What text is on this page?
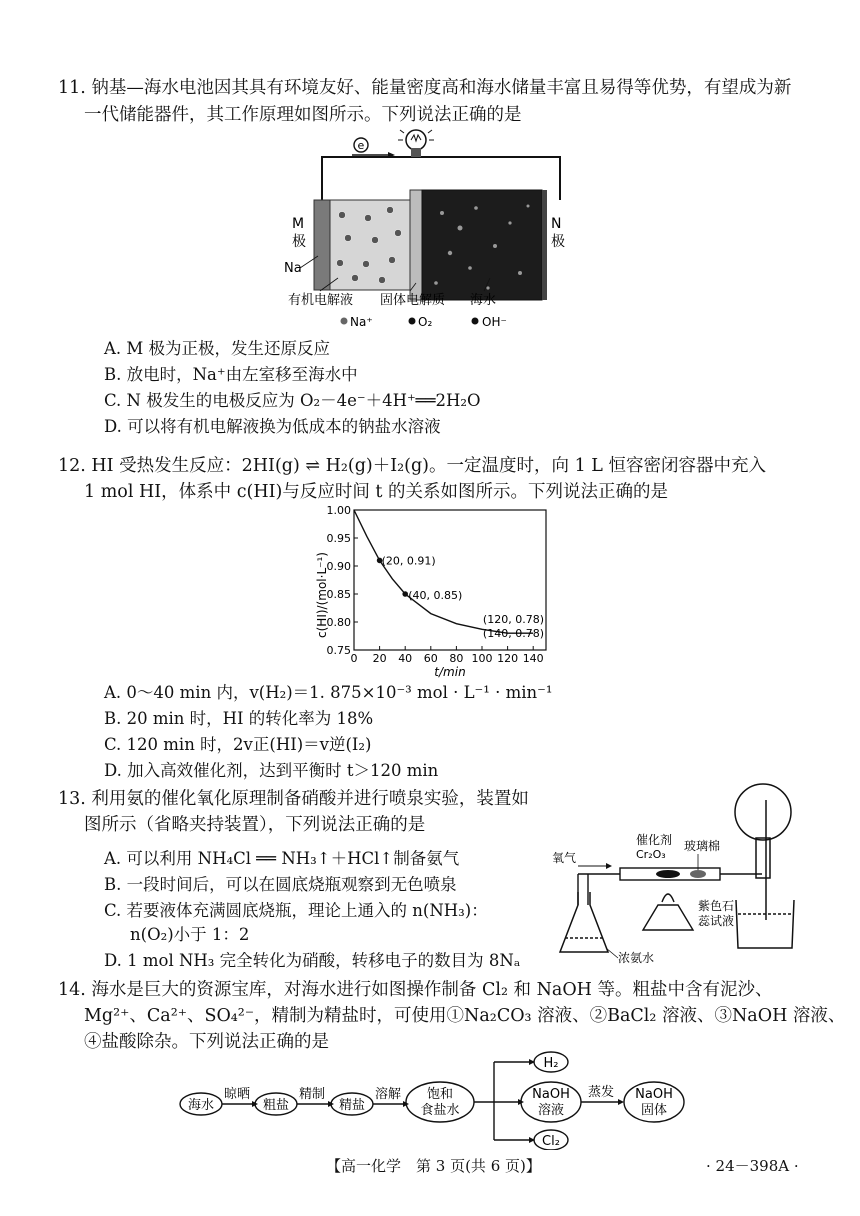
11. 钠基—海水电池因其具有环境友好、能量密度高和海水储量丰富且易得等优势，有望成为新
一代储能器件，其工作原理如图所示。下列说法正确的是
e
M
极
Na
N
极
有机电解液 固体电解质 海水
Na⁺	O₂	OH⁻
A. M 极为正极，发生还原反应
B. 放电时，Na⁺由左室移至海水中
C. N 极发生的电极反应为 O₂－4e⁻＋4H⁺══2H₂O
D. 可以将有机电解液换为低成本的钠盐水溶液
12. HI 受热发生反应：2HI(g) ⇌ H₂(g)＋I₂(g)。一定温度时，向 1 L 恒容密闭容器中充入
1 mol HI，体系中 c(HI)与反应时间 t 的关系如图所示。下列说法正确的是
c(HI)/(mol·L⁻¹)
t/min
0 20 40 60 80 100 120 140
0.75
0.80
0.85
0.90
0.95
1.00
(20, 0.91)
(40, 0.85)
(120, 0.78)
(140, 0.78)
A. 0～40 min 内，v(H₂)＝1. 875×10⁻³ mol · L⁻¹ · min⁻¹
B. 20 min 时，HI 的转化率为 18%
C. 120 min 时，2v正(HI)＝v逆(I₂)
D. 加入高效催化剂，达到平衡时 t＞120 min
13. 利用氨的催化氧化原理制备硝酸并进行喷泉实验，装置如
图所示（省略夹持装置），下列说法正确的是
A. 可以利用 NH₄Cl ══ NH₃↑＋HCl↑制备氨气
B. 一段时间后，可以在圆底烧瓶观察到无色喷泉
C. 若要液体充满圆底烧瓶，理论上通入的 n(NH₃)：
n(O₂)小于 1：2
D. 1 mol NH₃ 完全转化为硝酸，转移电子的数目为 8Nₐ
氧气
催化剂
Cr₂O₃
玻璃棉
紫色石
蕊试液
浓氨水
14. 海水是巨大的资源宝库，对海水进行如图操作制备 Cl₂ 和 NaOH 等。粗盐中含有泥沙、
Mg²⁺、Ca²⁺、SO₄²⁻，精制为精盐时，可使用①Na₂CO₃ 溶液、②BaCl₂ 溶液、③NaOH 溶液、
④盐酸除杂。下列说法正确的是
海水
晾晒
粗盐
精制
精盐
溶解 饱和
食盐水
H₂
NaOH
溶液
蒸发 NaOH
固体
Cl₂
【高一化学　第 3 页(共 6 页)】	· 24－398A ·
